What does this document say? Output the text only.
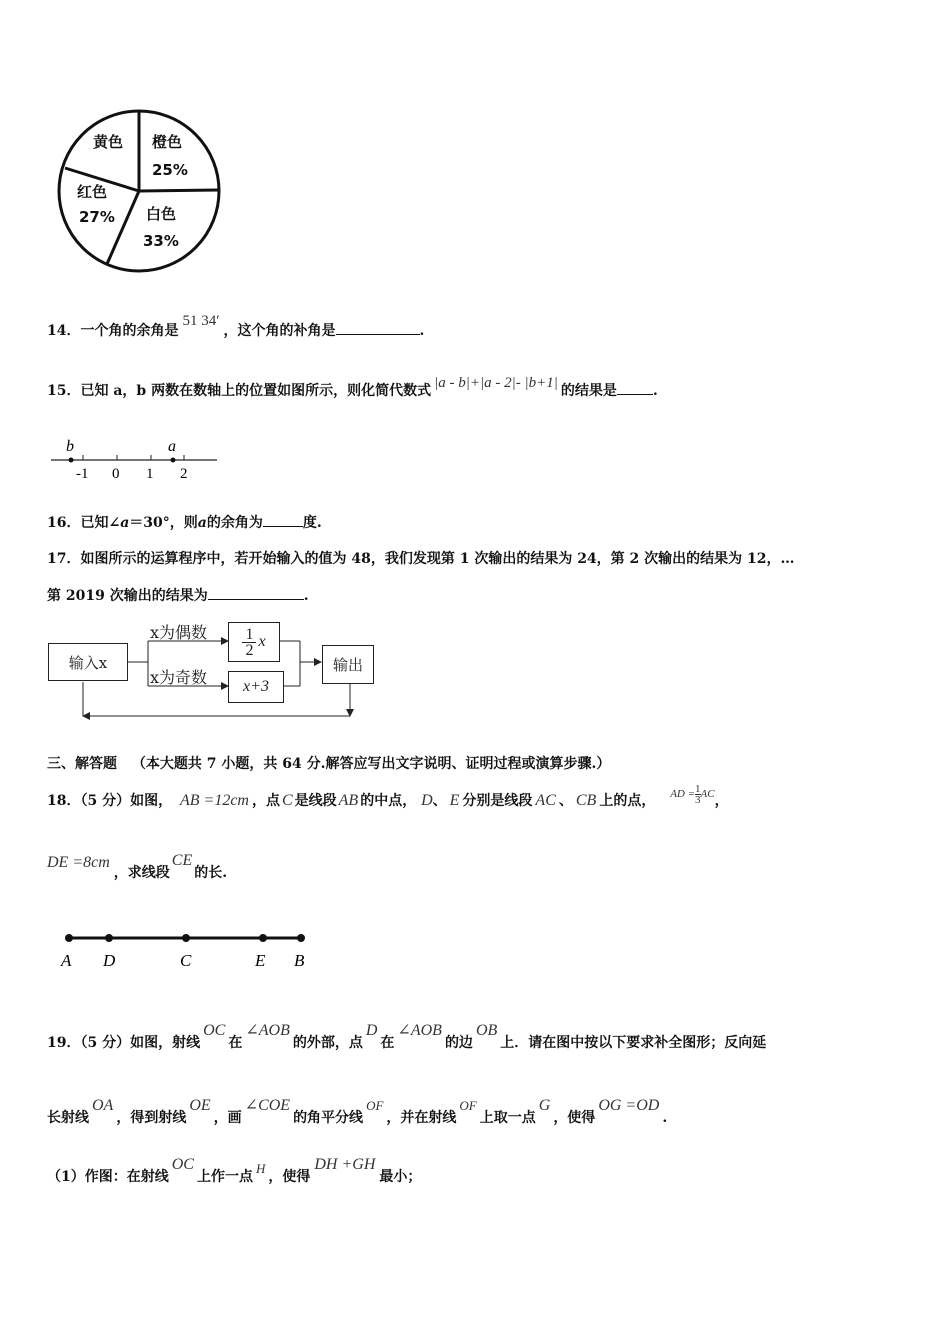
黄色 橙色
25%
红色
27% 白色
33%
14．一个角的余角是51 34′，这个角的补角是	.
15．已知 a，b 两数在数轴上的位置如图所示，则化简代数式 |a - b|+|a - 2|- |b+1| 的结果是	.
b	a
-1 0 1 2
16．已知∠a＝30°，则a的余角为	度.
17．如图所示的运算程序中，若开始输入的值为 48，我们发现第 1 次输出的结果为 24，第 2 次输出的结果为 12，…
第 2019 次输出的结果为	.
输入x
x为偶数
x为奇数
$\frac{1}{2}$ x
x+3
输出
三、解答题 （本大题共 7 小题，共 64 分.解答应写出文字说明、证明过程或演算步骤.）
18．（5 分）如图， AB =12cm ，点 C 是线段 AB 的中点， D、 E 分别是线段 AC 、 CB 上的点， $^{AD = \frac{1}{3} AC}$，
DE =8cm，求线段CE的长.
A D	C	E B
19．（5 分）如图，射线OC在∠AOB的外部，点D在∠AOB的边OB上．请在图中按以下要求补全图形；反向延
长射线OA，得到射线OE，画∠COE的角平分线OF，并在射线OF上取一点G，使得OG =OD.
（1）作图：在射线OC上作一点H，使得DH +GH最小；
